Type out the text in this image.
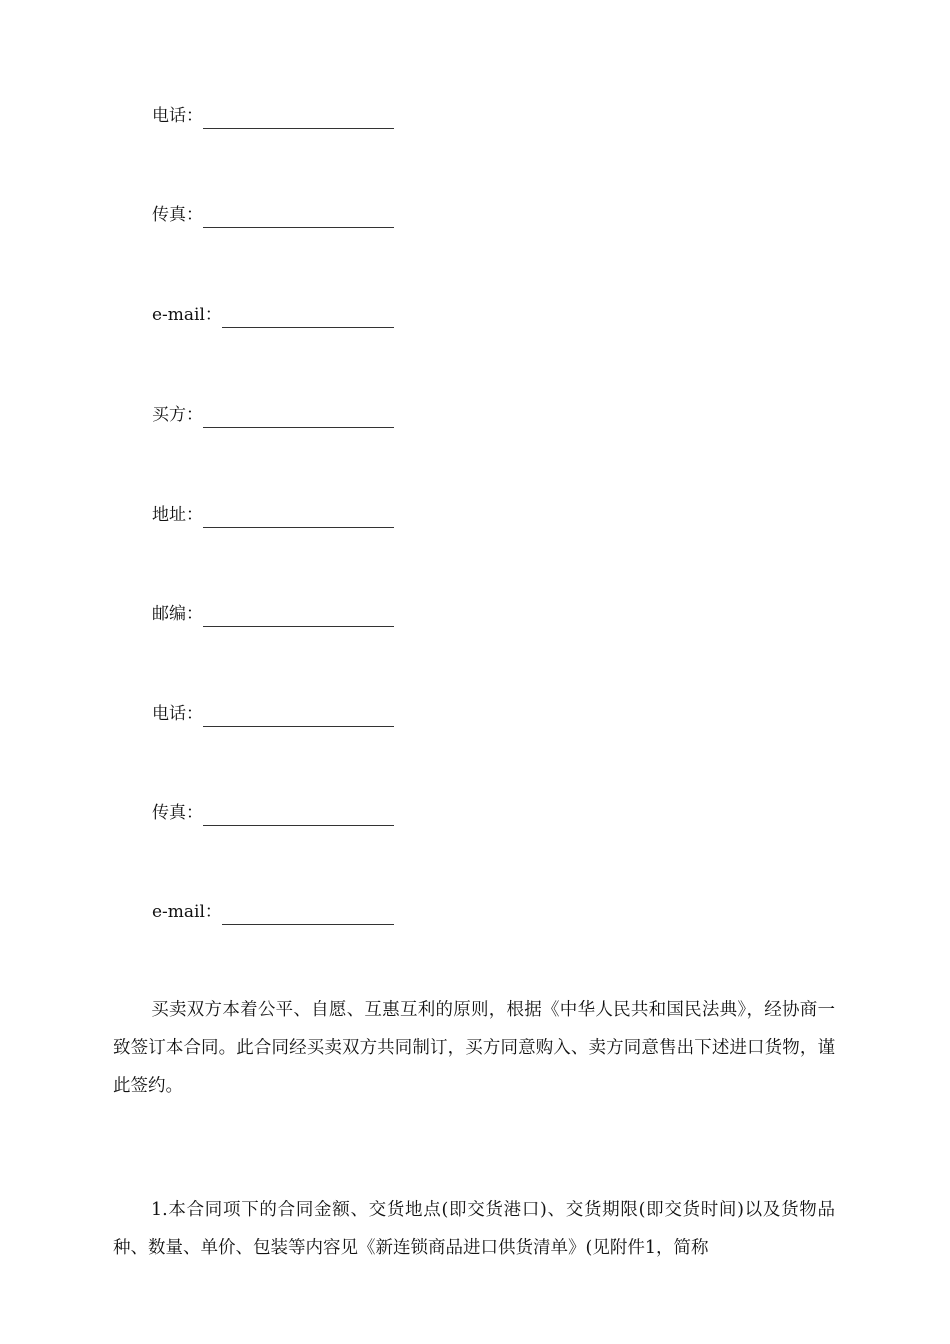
电话：
传真：
e-mail：
买方：
地址：
邮编：
电话：
传真：
e-mail：
买卖双方本着公平、自愿、互惠互利的原则，根据《中华人民共和国民法典》，经协商一致签订本合同。此合同经买卖双方共同制订，买方同意购入、卖方同意售出下述进口货物，谨此签约。
1.本合同项下的合同金额、交货地点(即交货港口)、交货期限(即交货时间)以及货物品种、数量、单价、包装等内容见《新连锁商品进口供货清单》(见附件1，简称
